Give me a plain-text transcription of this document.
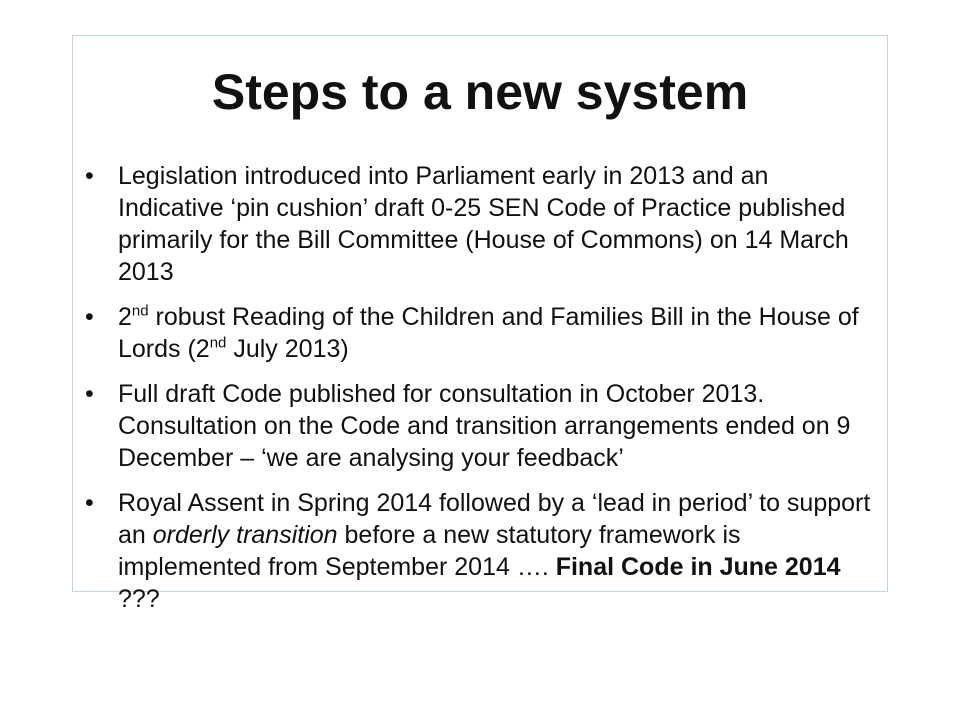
Steps to a new system
• Legislation introduced into Parliament early in 2013 and an Indicative ‘pin cushion’ draft 0-25 SEN Code of Practice published primarily for the Bill Committee (House of Commons) on 14 March 2013
• 2nd robust Reading of the Children and Families Bill in the House of Lords (2nd July 2013)
• Full draft Code published for consultation in October 2013. Consultation on the Code and transition arrangements ended on 9 December – ‘we are analysing your feedback’
• Royal Assent in Spring 2014 followed by a ‘lead in period’ to support an orderly transition before a new statutory framework is implemented from September 2014 …. Final Code in June 2014 ???
